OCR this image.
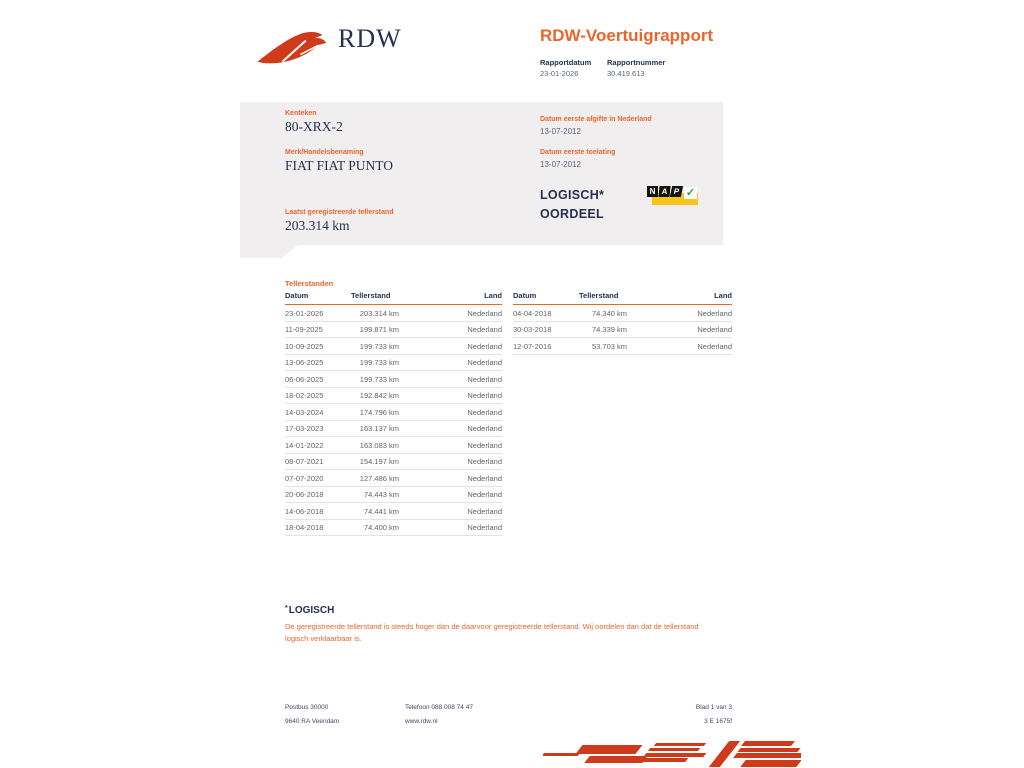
RDW	RDW-Voertuigrapport
Rapportdatum Rapportnummer
23-01-2026	30.419.613
Kenteken
80-XRX-2
Merk/Handelsbenaming
FIAT FIAT PUNTO
Laatst geregistreerde tellerstand
203.314 km
Datum eerste afgifte in Nederland
13-07-2012
Datum eerste toelating
13-07-2012
LOGISCH*
OORDEEL
N A P ✓
Tellerstanden
Datum	Tellerstand	Land
23-01-2026	203.314 km	Nederland
11-09-2025	199.871 km	Nederland
10-09-2025	199.733 km	Nederland
13-06-2025	199.733 km	Nederland
06-06-2025	199.733 km	Nederland
18-02-2025	192.842 km	Nederland
14-03-2024	174.796 km	Nederland
17-03-2023	163.137 km	Nederland
14-01-2022	163.083 km	Nederland
08-07-2021	154.197 km	Nederland
07-07-2020	127.486 km	Nederland
20-06-2018	74.443 km	Nederland
14-06-2018	74.441 km	Nederland
18-04-2018	74.400 km	Nederland
Datum	Tellerstand	Land
04-04-2018	74.340 km	Nederland
30-03-2018	74.339 km	Nederland
12-07-2016	53.703 km	Nederland
*LOGISCH
De geregistreerde tellerstand is steeds hoger dan de daarvoor geregistreerde tellerstand. Wij oordelen dan dat de tellerstand logisch verklaarbaar is.
Postbus 30000
9640 RA Veendam
Telefoon 088 008 74 47
www.rdw.nl
Blad 1 van 3
3 E 1675f
